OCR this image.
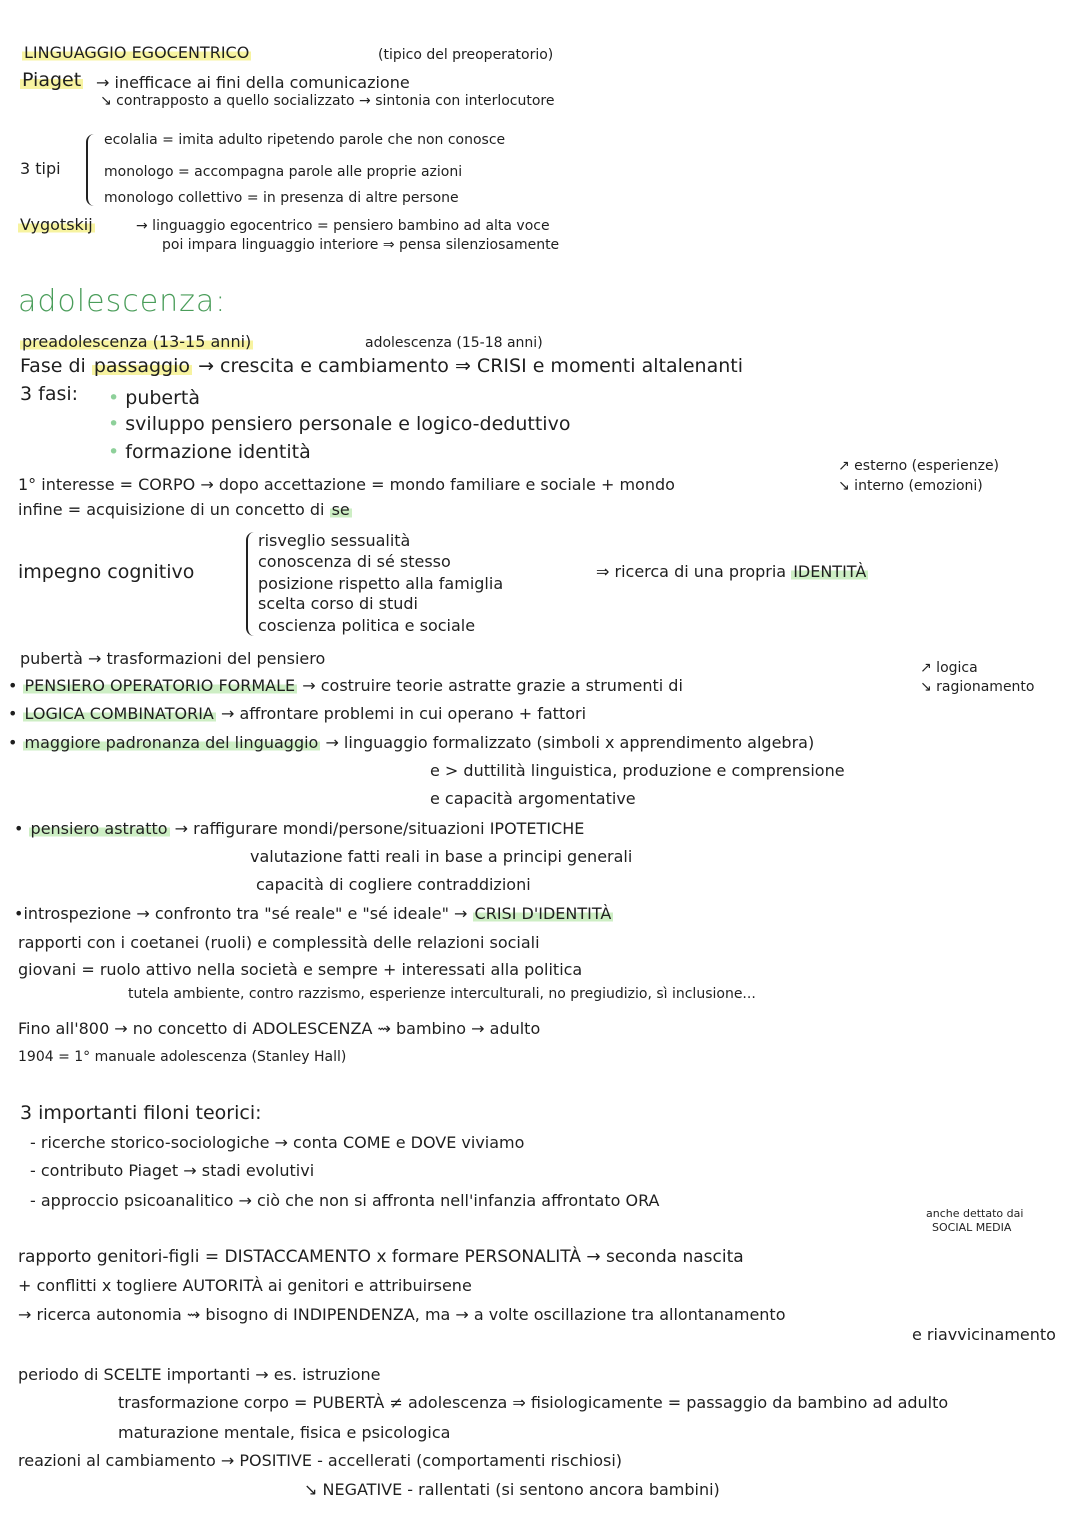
LINGUAGGIO EGOCENTRICO	(tipico del preoperatorio)
Piaget → inefficace ai fini della comunicazione
↘ contrapposto a quello socializzato → sintonia con interlocutore
3 tipi
ecolalia = imita adulto ripetendo parole che non conosce
monologo = accompagna parole alle proprie azioni
monologo collettivo = in presenza di altre persone
Vygotskij	→ linguaggio egocentrico = pensiero bambino ad alta voce
poi impara linguaggio interiore ⇒ pensa silenziosamente
adolescenza:
preadolescenza (13-15 anni)	adolescenza (15-18 anni)
Fase di passaggio → crescita e cambiamento ⇒ CRISI e momenti altalenanti
3 fasi: • pubertà
• sviluppo pensiero personale e logico-deduttivo
• formazione identità
↗ esterno (esperienze)
↘ interno (emozioni)
1° interesse = CORPO → dopo accettazione = mondo familiare e sociale + mondo
infine = acquisizione di un concetto di se
impegno cognitivo
risveglio sessualità
conoscenza di sé stesso
posizione rispetto alla famiglia
scelta corso di studi
coscienza politica e sociale
⇒ ricerca di una propria IDENTITÀ
pubertà → trasformazioni del pensiero	↗ logica
↘ ragionamento
• PENSIERO OPERATORIO FORMALE → costruire teorie astratte grazie a strumenti di
• LOGICA COMBINATORIA → affrontare problemi in cui operano + fattori
• maggiore padronanza del linguaggio → linguaggio formalizzato (simboli x apprendimento algebra)
e > duttilità linguistica, produzione e comprensione
e capacità argomentative
• pensiero astratto → raffigurare mondi/persone/situazioni IPOTETICHE
valutazione fatti reali in base a principi generali
capacità di cogliere contraddizioni
•introspezione → confronto tra "sé reale" e "sé ideale" → CRISI D'IDENTITÀ
rapporti con i coetanei (ruoli) e complessità delle relazioni sociali
giovani = ruolo attivo nella società e sempre + interessati alla politica
tutela ambiente, contro razzismo, esperienze interculturali, no pregiudizio, sì inclusione...
Fino all'800 → no concetto di ADOLESCENZA ⇝ bambino → adulto
1904 = 1° manuale adolescenza (Stanley Hall)
3 importanti filoni teorici:
- ricerche storico-sociologiche → conta COME e DOVE viviamo
- contributo Piaget → stadi evolutivi
- approccio psicoanalitico → ciò che non si affronta nell'infanzia affrontato ORA
anche dettato dai
SOCIAL MEDIA
rapporto genitori-figli = DISTACCAMENTO x formare PERSONALITÀ → seconda nascita
+ conflitti x togliere AUTORITÀ ai genitori e attribuirsene
→ ricerca autonomia ⇝ bisogno di INDIPENDENZA, ma → a volte oscillazione tra allontanamento
e riavvicinamento
periodo di SCELTE importanti → es. istruzione
trasformazione corpo = PUBERTÀ ≠ adolescenza ⇒ fisiologicamente = passaggio da bambino ad adulto
maturazione mentale, fisica e psicologica
reazioni al cambiamento → POSITIVE - accellerati (comportamenti rischiosi)
↘ NEGATIVE - rallentati (si sentono ancora bambini)
